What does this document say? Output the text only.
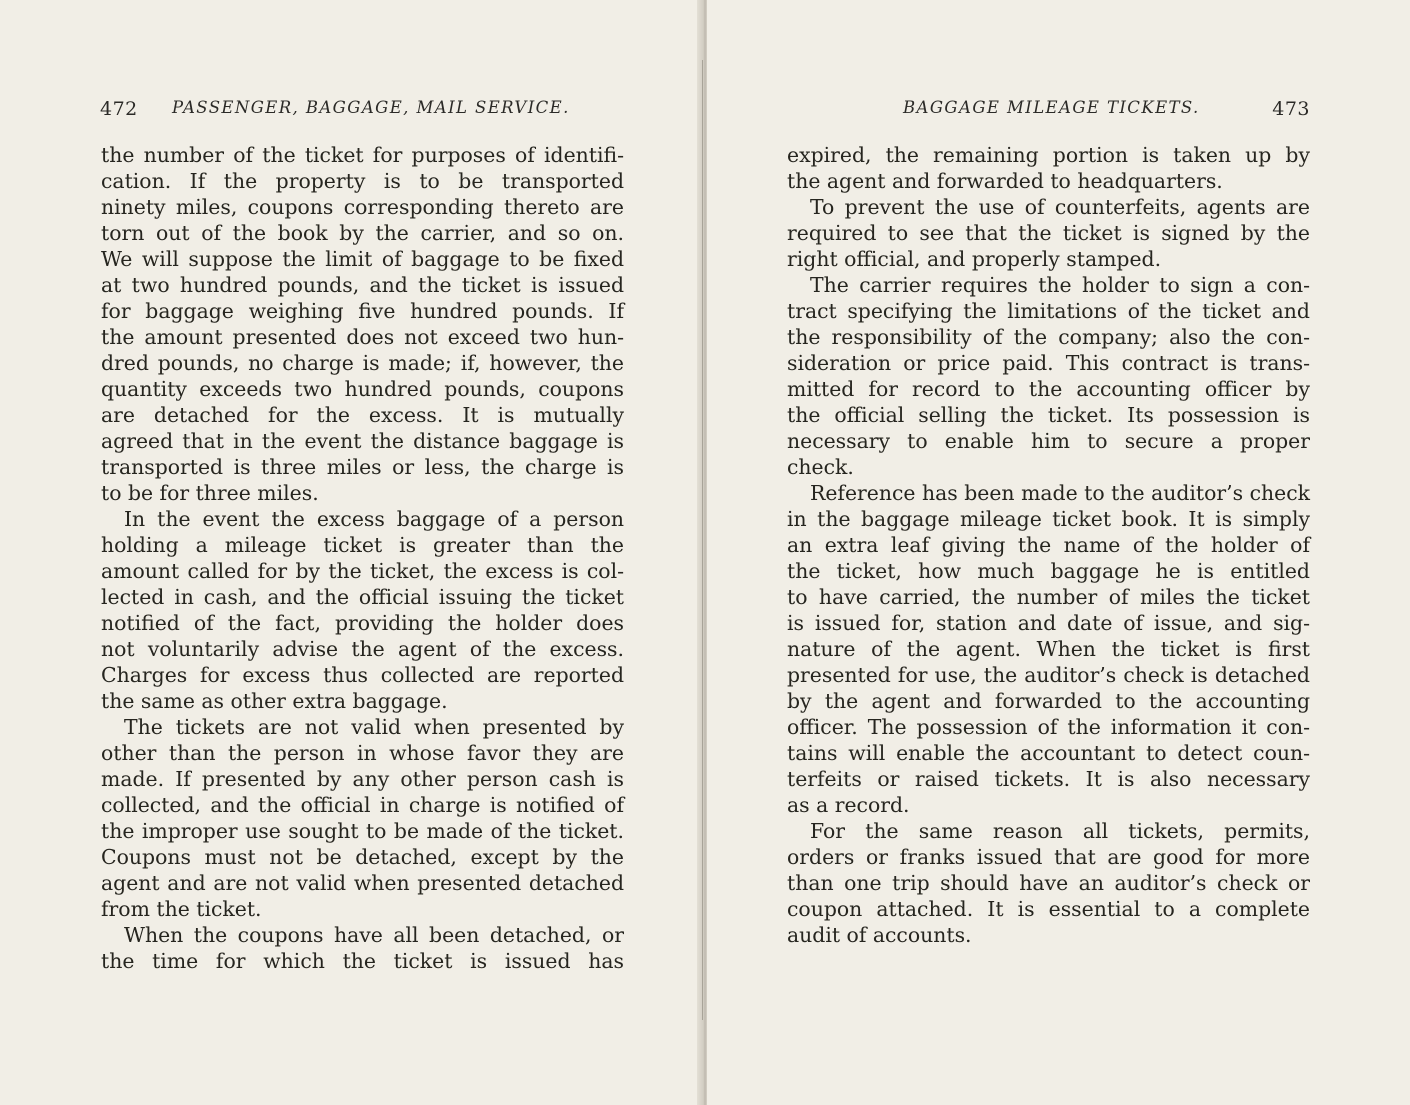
472 PASSENGER, BAGGAGE, MAIL SERVICE.
the number of the ticket for purposes of identifi-
cation. If the property is to be transported
ninety miles, coupons corresponding thereto are
torn out of the book by the carrier, and so on.
We will suppose the limit of baggage to be fixed
at two hundred pounds, and the ticket is issued
for baggage weighing five hundred pounds. If
the amount presented does not exceed two hun-
dred pounds, no charge is made; if, however, the
quantity exceeds two hundred pounds, coupons
are detached for the excess. It is mutually
agreed that in the event the distance baggage is
transported is three miles or less, the charge is
to be for three miles.
In the event the excess baggage of a person
holding a mileage ticket is greater than the
amount called for by the ticket, the excess is col-
lected in cash, and the official issuing the ticket
notified of the fact, providing the holder does
not voluntarily advise the agent of the excess.
Charges for excess thus collected are reported
the same as other extra baggage.
The tickets are not valid when presented by
other than the person in whose favor they are
made. If presented by any other person cash is
collected, and the official in charge is notified of
the improper use sought to be made of the ticket.
Coupons must not be detached, except by the
agent and are not valid when presented detached
from the ticket.
When the coupons have all been detached, or
the time for which the ticket is issued has
BAGGAGE MILEAGE TICKETS.	473
expired, the remaining portion is taken up by
the agent and forwarded to headquarters.
To prevent the use of counterfeits, agents are
required to see that the ticket is signed by the
right official, and properly stamped.
The carrier requires the holder to sign a con-
tract specifying the limitations of the ticket and
the responsibility of the company; also the con-
sideration or price paid. This contract is trans-
mitted for record to the accounting officer by
the official selling the ticket. Its possession is
necessary to enable him to secure a proper
check.
Reference has been made to the auditor’s check
in the baggage mileage ticket book. It is simply
an extra leaf giving the name of the holder of
the ticket, how much baggage he is entitled
to have carried, the number of miles the ticket
is issued for, station and date of issue, and sig-
nature of the agent. When the ticket is first
presented for use, the auditor’s check is detached
by the agent and forwarded to the accounting
officer. The possession of the information it con-
tains will enable the accountant to detect coun-
terfeits or raised tickets. It is also necessary
as a record.
For the same reason all tickets, permits,
orders or franks issued that are good for more
than one trip should have an auditor’s check or
coupon attached. It is essential to a complete
audit of accounts.
